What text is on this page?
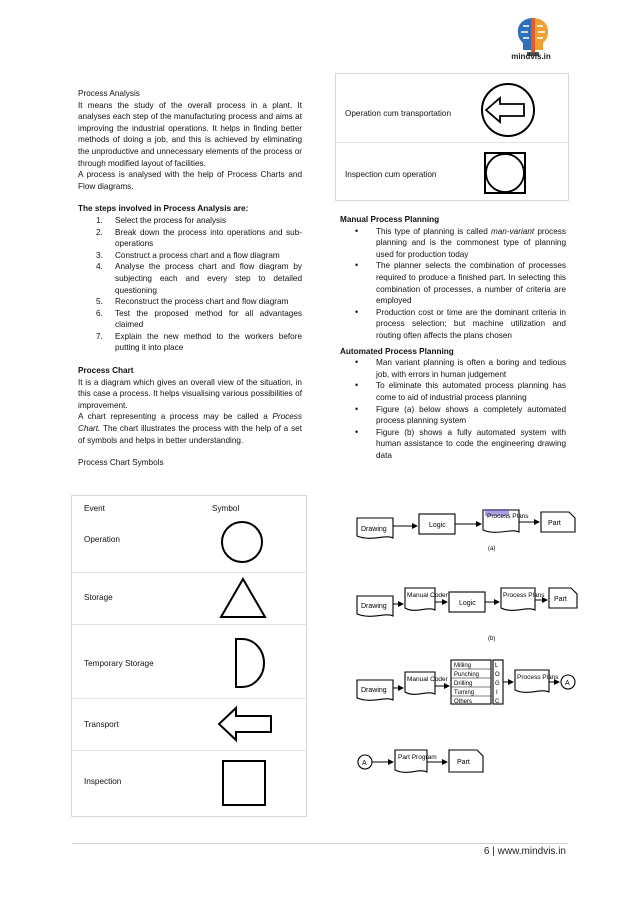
mindvis.in

Process Analysis

It means the study of the overall process in a plant. It analyses each step of the manufacturing process and aims at improving the industrial operations. It helps in finding better methods of doing a job, and this is achieved by eliminating the unproductive and unnecessary elements of the process or through modified layout of facilities.

A process is analysed with the help of Process Charts and Flow diagrams.

The steps involved in Process Analysis are:

1. Select the process for analysis
2. Break down the process into operations and sub-operations
3. Construct a process chart and a flow diagram
4. Analyse the process chart and flow diagram by subjecting each and every step to detailed questioning
5. Reconstruct the process chart and flow diagram
6. Test the proposed method for all advantages claimed
7. Explain the new method to the workers before putting it into place

Process Chart

It is a diagram which gives an overall view of the situation, in this case a process. It helps visualising various possibilities of improvement.

A chart representing a process may be called a Process Chart. The chart illustrates the process with the help of a set of symbols and helps in better understanding.

Process Chart Symbols

Event	Symbol
Operation
Storage
Temporary Storage
Transport
Inspection
Operation cum transportation
Inspection cum operation

Manual Process Planning

• This type of planning is called man-variant process planning and is the commonest type of planning used for production today
• The planner selects the combination of processes required to produce a finished part. In selecting this combination of processes, a number of criteria are employed
• Production cost or time are the dominant criteria in process selection; but machine utilization and routing often affects the plans chosen

Automated Process Planning

• Man variant planning is often a boring and tedious job, with errors in human judgement
• To eliminate this automated process planning has come to aid of industrial process planning
• Figure (a) below shows a completely automated process planning system
• Figure (b) shows a fully automated system with human assistance to code the engineering drawing data
Drawing
Logic
Process Plans
Part
(a)
Drawing
Manual Coder
Logic
Process Plans
Part
(b)
Drawing
Manual Coder
Milling
Punching
Drilling
Turning
Others
L
O
G
I
C
Process Plans
A
A
Part Program
Part
6 | www.mindvis.in
